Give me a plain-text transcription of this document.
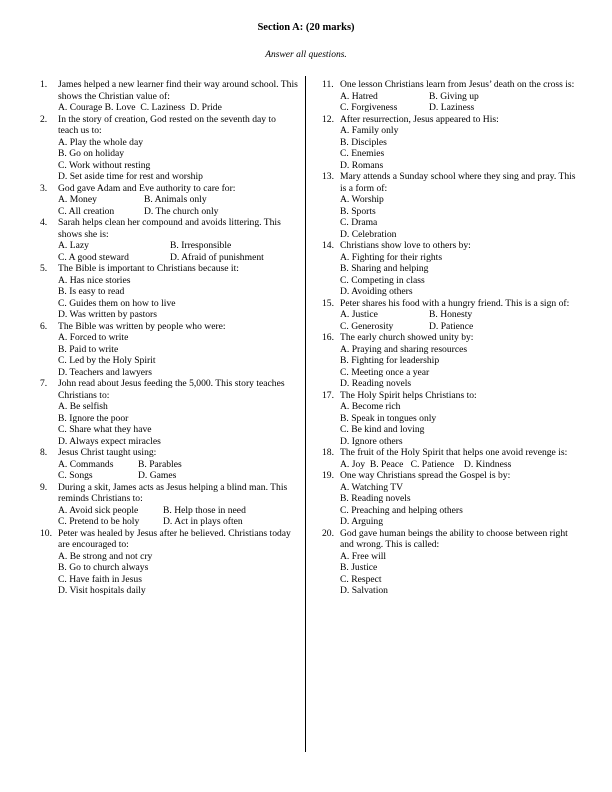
Section A: (20 marks)
Answer all questions.
1.	James helped a new learner find their way around school. This shows the Christian value of:
A. Courage B. Love  C. Laziness  D. Pride
2.	In the story of creation, God rested on the seventh day to teach us to:
A. Play the whole day
B. Go on holiday
C. Work without resting
D. Set aside time for rest and worship
3.	God gave Adam and Eve authority to care for:
A. Money	B. Animals only
C. All creation	D. The church only
4.	Sarah helps clean her compound and avoids littering. This shows she is:
A. Lazy	B. Irresponsible
C. A good steward	D. Afraid of punishment
5.	The Bible is important to Christians because it:
A. Has nice stories
B. Is easy to read
C. Guides them on how to live
D. Was written by pastors
6.	The Bible was written by people who were:
A. Forced to write
B. Paid to write
C. Led by the Holy Spirit
D. Teachers and lawyers
7.	John read about Jesus feeding the 5,000. This story teaches Christians to:
A. Be selfish
B. Ignore the poor
C. Share what they have
D. Always expect miracles
8.	Jesus Christ taught using:
A. Commands	B. Parables
C. Songs	D. Games
9.	During a skit, James acts as Jesus helping a blind man. This reminds Christians to:
A. Avoid sick people	B. Help those in need
C. Pretend to be holy	D. Act in plays often
10. Peter was healed by Jesus after he believed. Christians today are encouraged to:
A. Be strong and not cry
B. Go to church always
C. Have faith in Jesus
D. Visit hospitals daily
11. One lesson Christians learn from Jesus’ death on the cross is:
A. Hatred	B. Giving up
C. Forgiveness	D. Laziness
12. After resurrection, Jesus appeared to His:
A. Family only
B. Disciples
C. Enemies
D. Romans
13. Mary attends a Sunday school where they sing and pray. This is a form of:
A. Worship
B. Sports
C. Drama
D. Celebration
14. Christians show love to others by:
A. Fighting for their rights
B. Sharing and helping
C. Competing in class
D. Avoiding others
15. Peter shares his food with a hungry friend. This is a sign of:
A. Justice	B. Honesty
C. Generosity	D. Patience
16. The early church showed unity by:
A. Praying and sharing resources
B. Fighting for leadership
C. Meeting once a year
D. Reading novels
17. The Holy Spirit helps Christians to:
A. Become rich
B. Speak in tongues only
C. Be kind and loving
D. Ignore others
18. The fruit of the Holy Spirit that helps one avoid revenge is:
A. Joy  B. Peace   C. Patience    D. Kindness
19. One way Christians spread the Gospel is by:
A. Watching TV
B. Reading novels
C. Preaching and helping others
D. Arguing
20. God gave human beings the ability to choose between right and wrong. This is called:
A. Free will
B. Justice
C. Respect
D. Salvation
